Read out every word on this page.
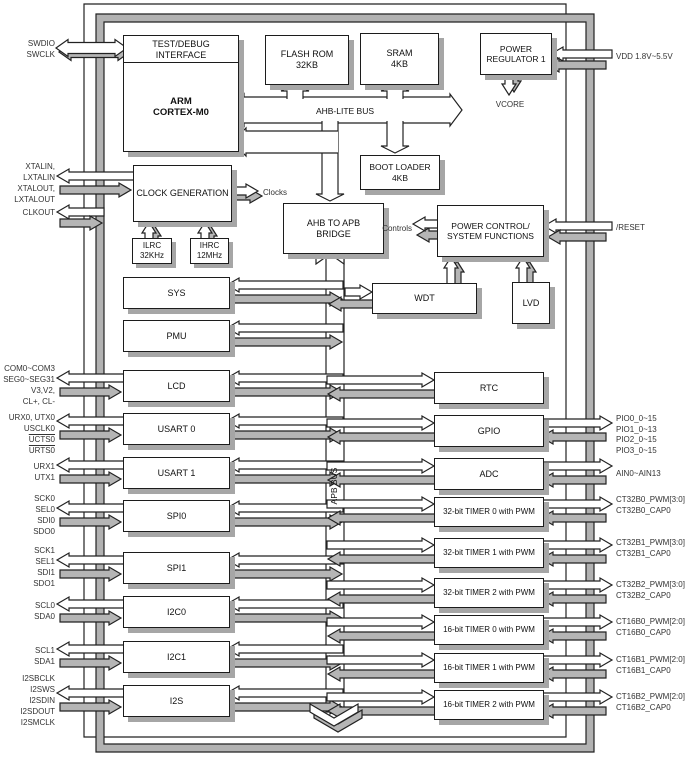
TEST/DEBUG
INTERFACE
ARM
CORTEX-M0
FLASH ROM
32KB
SRAM
4KB
POWER
REGULATOR 1
BOOT LOADER
4KB
CLOCK GENERATION
ILRC
32KHz
IHRC
12MHz
AHB TO APB
BRIDGE
POWER CONTROL/
SYSTEM FUNCTIONS
WDT	LVD
SYS
PMU
LCD
USART 0
USART 1
SPI0
SPI1
I2C0
I2C1
I2S
RTC
GPIO
ADC
32-bit TIMER 0 with PWM
32-bit TIMER 1 with PWM
32-bit TIMER 2 with PWM
16-bit TIMER 0 with PWM
16-bit TIMER 1 with PWM
16-bit TIMER 2 with PWM
AHB-LITE BUS
APB BUS
Clocks
Controls
VCORE
SWDIO
SWCLK
XTALIN,
LXTALIN
XTALOUT,
LXTALOUT
CLKOUT
COM0~COM3
SEG0~SEG31
V3,V2,
CL+, CL-
URX0, UTX0
USCLK0
UCTS0
URTS0
URX1
UTX1
SCK0
SEL0
SDI0
SDO0
SCK1
SEL1
SDI1
SDO1
SCL0
SDA0
SCL1
SDA1
I2SBCLK
I2SWS
I2SDIN
I2SDOUT
I2SMCLK
VDD 1.8V~5.5V
/RESET
PIO0_0~15
PIO1_0~13
PIO2_0~15
PIO3_0~15
AIN0~AIN13
CT32B0_PWM[3:0]
CT32B0_CAP0
CT32B1_PWM[3:0]
CT32B1_CAP0
CT32B2_PWM[3:0]
CT32B2_CAP0
CT16B0_PWM[2:0]
CT16B0_CAP0
CT16B1_PWM[2:0]
CT16B1_CAP0
CT16B2_PWM[2:0]
CT16B2_CAP0
